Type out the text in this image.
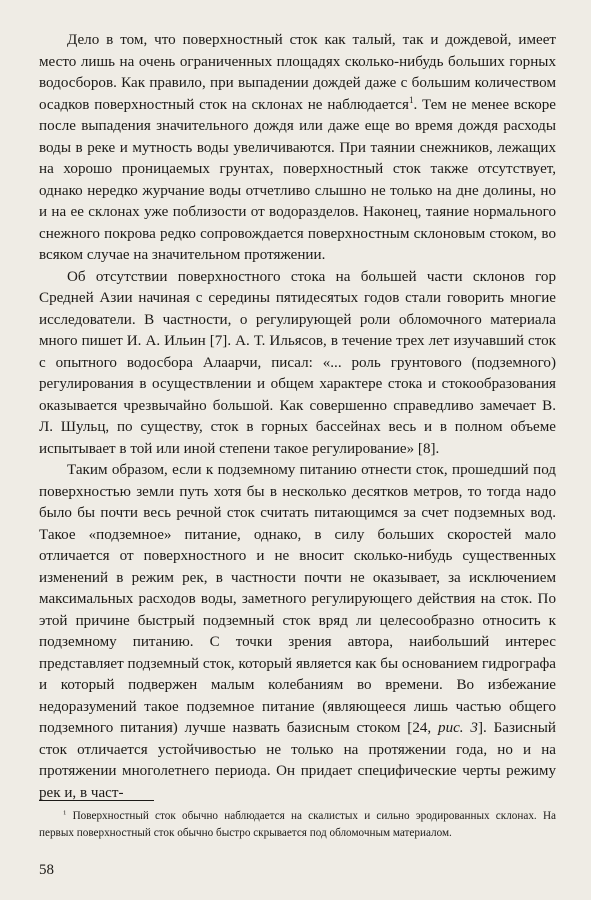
Дело в том, что поверхностный сток как талый, так и дождевой, имеет место лишь на очень ограниченных площадях сколько-нибудь больших горных водосборов. Как правило, при выпадении дождей даже с большим количеством осадков поверхностный сток на склонах не наблюдается$^1$. Тем не менее вскоре после выпадения значительного дождя или даже еще во время дождя расходы воды в реке и мутность воды увеличиваются. При таянии снежников, лежащих на хорошо проницаемых грунтах, поверхностный сток также отсутствует, однако нередко журчание воды отчетливо слышно не только на дне долины, но и на ее склонах уже поблизости от водоразделов. Наконец, таяние нормального снежного покрова редко сопровождается поверхностным склоновым стоком, во всяком случае на значительном протяжении.

Об отсутствии поверхностного стока на большей части склонов гор Средней Азии начиная с середины пятидесятых годов стали говорить многие исследователи. В частности, о регулирующей роли обломочного материала много пишет И. А. Ильин [7]. А. Т. Ильясов, в течение трех лет изучавший сток с опытного водосбора Алаарчи, писал: «... роль грунтового (подземного) регулирования в осуществлении и общем характере стока и стокообразования оказывается чрезвычайно большой. Как совершенно справедливо замечает В. Л. Шульц, по существу, сток в горных бассейнах весь и в полном объеме испытывает в той или иной степени такое регулирование» [8].

Таким образом, если к подземному питанию отнести сток, прошедший под поверхностью земли путь хотя бы в несколько десятков метров, то тогда надо было бы почти весь речной сток считать питающимся за счет подземных вод. Такое «подземное» питание, однако, в силу больших скоростей мало отличается от поверхностного и не вносит сколько-нибудь существенных изменений в режим рек, в частности почти не оказывает, за исключением максимальных расходов воды, заметного регулирующего действия на сток. По этой причине быстрый подземный сток вряд ли целесообразно относить к подземному питанию. С точки зрения автора, наибольший интерес представляет подземный сток, который является как бы основанием гидрографа и который подвержен малым колебаниям во времени. Во избежание недоразумений такое подземное питание (являющееся лишь частью общего подземного питания) лучше назвать базисным стоком [24, рис. 3]. Базисный сток отличается устойчивостью не только на протяжении года, но и на протяжении многолетнего периода. Он придает специфические черты режиму рек и, в част-

$^1$ Поверхностный сток обычно наблюдается на скалистых и сильно эродированных склонах. На первых поверхностный сток обычно быстро скрывается под обломочным материалом.

58
